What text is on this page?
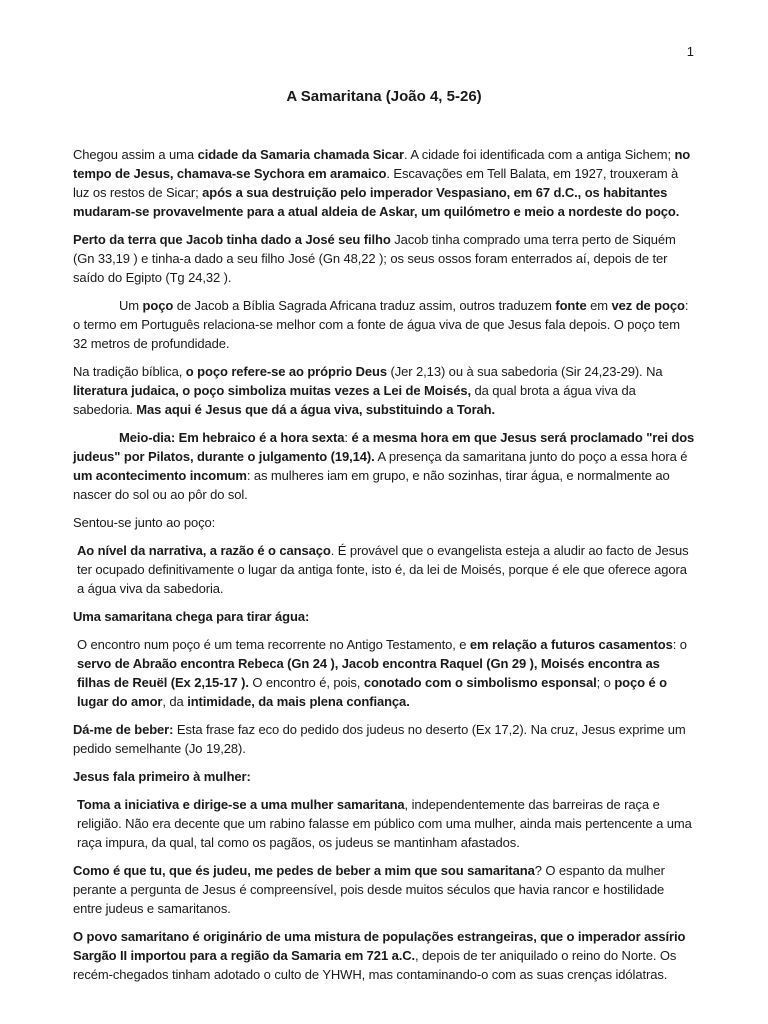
1
A Samaritana (João 4, 5-26)

Chegou assim a uma cidade da Samaria chamada Sicar. A cidade foi identificada com a antiga Sichem; no tempo de Jesus, chamava-se Sychora em aramaico. Escavações em Tell Balata, em 1927, trouxeram à luz os restos de Sicar; após a sua destruição pelo imperador Vespasiano, em 67 d.C., os habitantes mudaram-se provavelmente para a atual aldeia de Askar, um quilómetro e meio a nordeste do poço.

Perto da terra que Jacob tinha dado a José seu filho Jacob tinha comprado uma terra perto de Siquém (Gn 33,19 ) e tinha-a dado a seu filho José (Gn 48,22 ); os seus ossos foram enterrados aí, depois de ter saído do Egipto (Tg 24,32 ).

Um poço de Jacob a Bíblia Sagrada Africana traduz assim, outros traduzem fonte em vez de poço: o termo em Português relaciona-se melhor com a fonte de água viva de que Jesus fala depois. O poço tem 32 metros de profundidade.

Na tradição bíblica, o poço refere-se ao próprio Deus (Jer 2,13) ou à sua sabedoria (Sir 24,23-29). Na literatura judaica, o poço simboliza muitas vezes a Lei de Moisés, da qual brota a água viva da sabedoria. Mas aqui é Jesus que dá a água viva, substituindo a Torah.

Meio-dia: Em hebraico é a hora sexta: é a mesma hora em que Jesus será proclamado "rei dos judeus" por Pilatos, durante o julgamento (19,14). A presença da samaritana junto do poço a essa hora é um acontecimento incomum: as mulheres iam em grupo, e não sozinhas, tirar água, e normalmente ao nascer do sol ou ao pôr do sol.

Sentou-se junto ao poço:

Ao nível da narrativa, a razão é o cansaço. É provável que o evangelista esteja a aludir ao facto de Jesus ter ocupado definitivamente o lugar da antiga fonte, isto é, da lei de Moisés, porque é ele que oferece agora a água viva da sabedoria.

Uma samaritana chega para tirar água:

O encontro num poço é um tema recorrente no Antigo Testamento, e em relação a futuros casamentos: o servo de Abraão encontra Rebeca (Gn 24 ), Jacob encontra Raquel (Gn 29 ), Moisés encontra as filhas de Reuël (Ex 2,15-17 ). O encontro é, pois, conotado com o simbolismo esponsal; o poço é o lugar do amor, da intimidade, da mais plena confiança.

Dá-me de beber: Esta frase faz eco do pedido dos judeus no deserto (Ex 17,2). Na cruz, Jesus exprime um pedido semelhante (Jo 19,28).

Jesus fala primeiro à mulher:

Toma a iniciativa e dirige-se a uma mulher samaritana, independentemente das barreiras de raça e religião. Não era decente que um rabino falasse em público com uma mulher, ainda mais pertencente a uma raça impura, da qual, tal como os pagãos, os judeus se mantinham afastados.

Como é que tu, que és judeu, me pedes de beber a mim que sou samaritana? O espanto da mulher perante a pergunta de Jesus é compreensível, pois desde muitos séculos que havia rancor e hostilidade entre judeus e samaritanos.

O povo samaritano é originário de uma mistura de populações estrangeiras, que o imperador assírio Sargão II importou para a região da Samaria em 721 a.C., depois de ter aniquilado o reino do Norte. Os recém-chegados tinham adotado o culto de YHWH, mas contaminando-o com as suas crenças idólatras.
